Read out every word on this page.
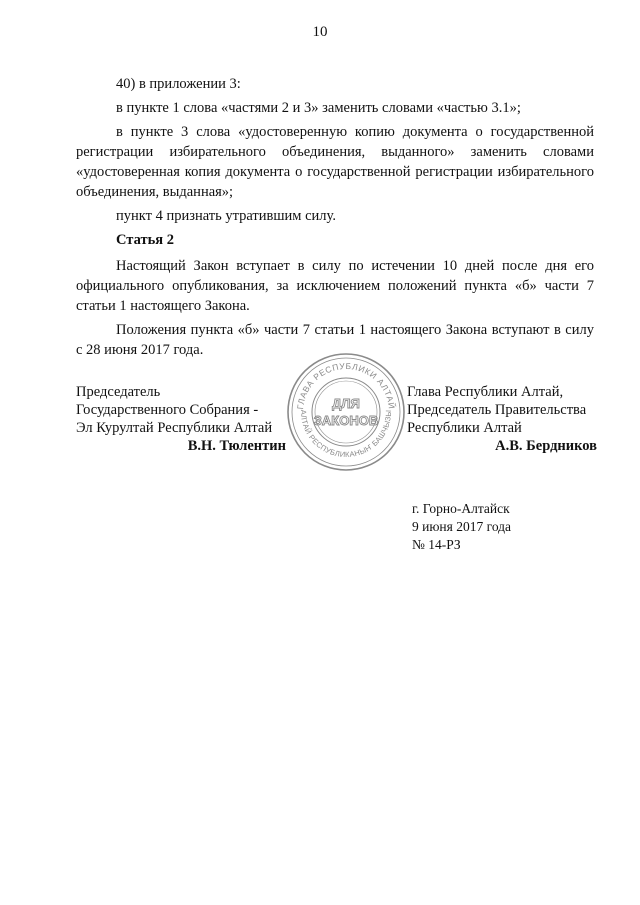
10

40) в приложении 3:

в пункте 1 слова «частями 2 и 3» заменить словами «частью 3.1»;

в пункте 3 слова «удостоверенную копию документа о государственной регистрации избирательного объединения, выданного» заменить словами «удостоверенная копия документа о государственной регистрации избирательного объединения, выданная»;

пункт 4 признать утратившим силу.

Статья 2

Настоящий Закон вступает в силу по истечении 10 дней после дня его официального опубликования, за исключением положений пункта «б» части 7 статьи 1 настоящего Закона.

Положения пункта «б» части 7 статьи 1 настоящего Закона вступают в силу с 28 июня 2017 года.

Председатель
Государственного Собрания -
Эл Курултай Республики Алтай
В.Н. Тюлентин
ГЛАВА РЕСПУБЛИКИ АЛТАЙ
АЛТАЙ РЕСПУБЛИКАНЫҤ БАШЧЫЗЫ
ДЛЯ
ЗАКОНОВ
Глава Республики Алтай,
Председатель Правительства
Республики Алтай
А.В. Бердников
г. Горно-Алтайск
9 июня 2017 года
№ 14-РЗ
